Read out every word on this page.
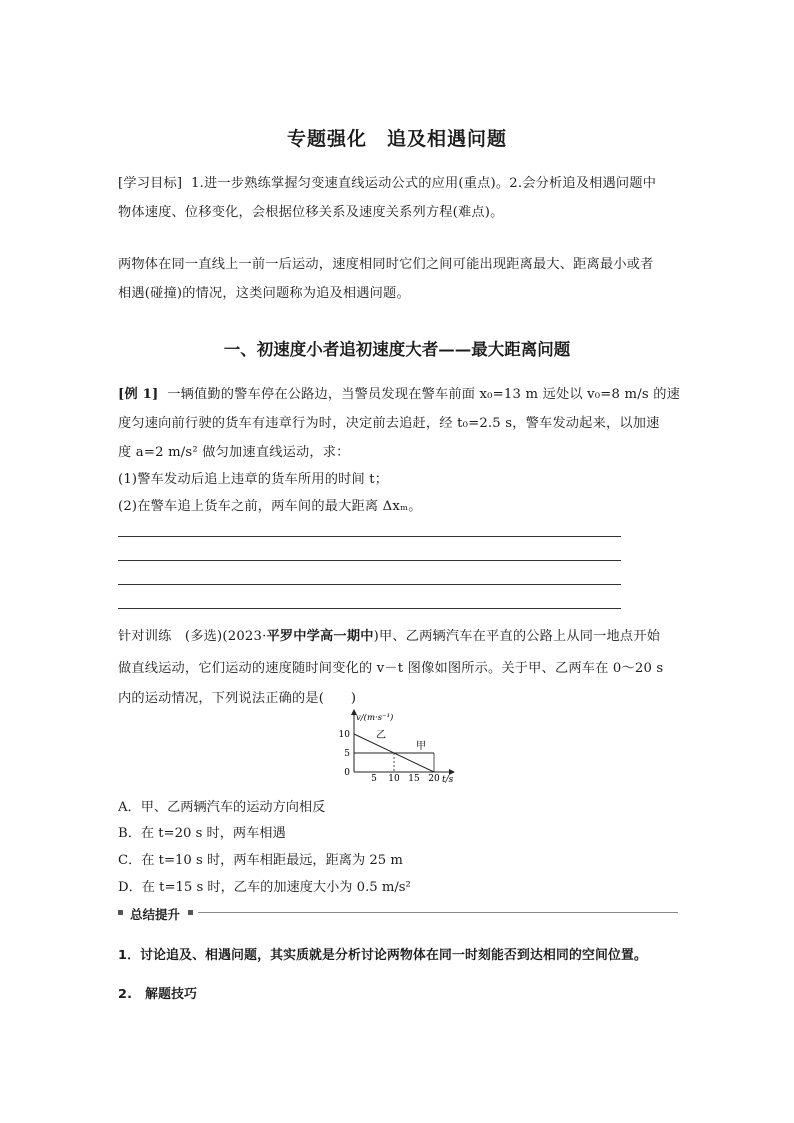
专题强化　追及相遇问题
[学习目标] 1.进一步熟练掌握匀变速直线运动公式的应用(重点)。2.会分析追及相遇问题中
物体速度、位移变化，会根据位移关系及速度关系列方程(难点)。
两物体在同一直线上一前一后运动，速度相同时它们之间可能出现距离最大、距离最小或者
相遇(碰撞)的情况，这类问题称为追及相遇问题。
一、初速度小者追初速度大者——最大距离问题
[例 1] 一辆值勤的警车停在公路边，当警员发现在警车前面 x₀=13 m 远处以 v₀=8 m/s 的速
度匀速向前行驶的货车有违章行为时，决定前去追赶，经 t₀=2.5 s，警车发动起来，以加速
度 a=2 m/s² 做匀加速直线运动，求：
(1)警车发动后追上违章的货车所用的时间 t；
(2)在警车追上货车之前，两车间的最大距离 Δxₘ。
针对训练　(多选)(2023·平罗中学高一期中)甲、乙两辆汽车在平直的公路上从同一地点开始
做直线运动，它们运动的速度随时间变化的 v－t 图像如图所示。关于甲、乙两车在 0～20 s
内的运动情况，下列说法正确的是(　　)
5 10 15 20
0
5
10
v/(m·s⁻¹)
t/s
乙
甲
A．甲、乙两辆汽车的运动方向相反
B．在 t=20 s 时，两车相遇
C．在 t=10 s 时，两车相距最远，距离为 25 m
D．在 t=15 s 时，乙车的加速度大小为 0.5 m/s²
总结提升
1．讨论追及、相遇问题，其实质就是分析讨论两物体在同一时刻能否到达相同的空间位置。
2.　解题技巧
